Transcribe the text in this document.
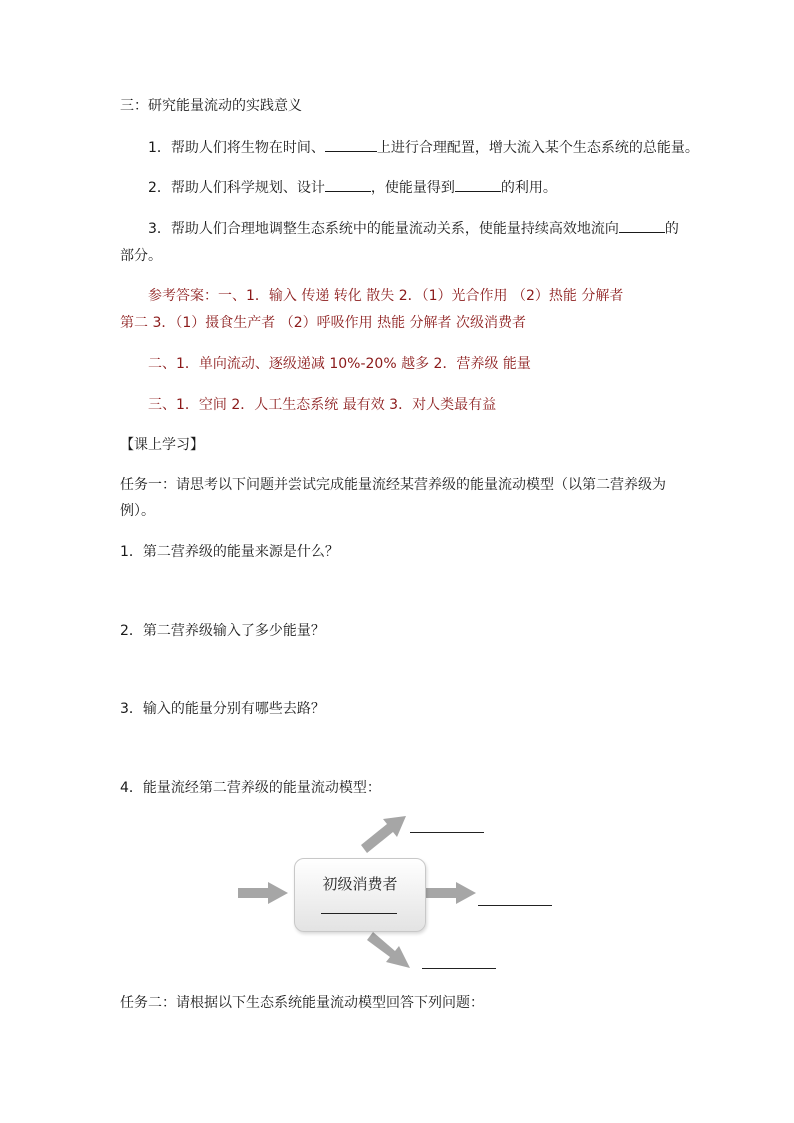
三：研究能量流动的实践意义
1．帮助人们将生物在时间、	上进行合理配置，增大流入某个生态系统的总能量。
2．帮助人们科学规划、设计	，使能量得到	的利用。
3．帮助人们合理地调整生态系统中的能量流动关系，使能量持续高效地流向	的
部分。
参考答案：一、1．输入 传递 转化 散失 2．（1）光合作用 （2）热能 分解者
第二 3．（1）摄食生产者 （2）呼吸作用 热能 分解者 次级消费者
二、1．单向流动、逐级递减 10%-20% 越多 2．营养级 能量
三、1．空间 2．人工生态系统 最有效 3．对人类最有益
【课上学习】
任务一：请思考以下问题并尝试完成能量流经某营养级的能量流动模型（以第二营养级为
例）。
1．第二营养级的能量来源是什么？
2．第二营养级输入了多少能量？
3．输入的能量分别有哪些去路？
4．能量流经第二营养级的能量流动模型：
初级消费者
任务二：请根据以下生态系统能量流动模型回答下列问题：
